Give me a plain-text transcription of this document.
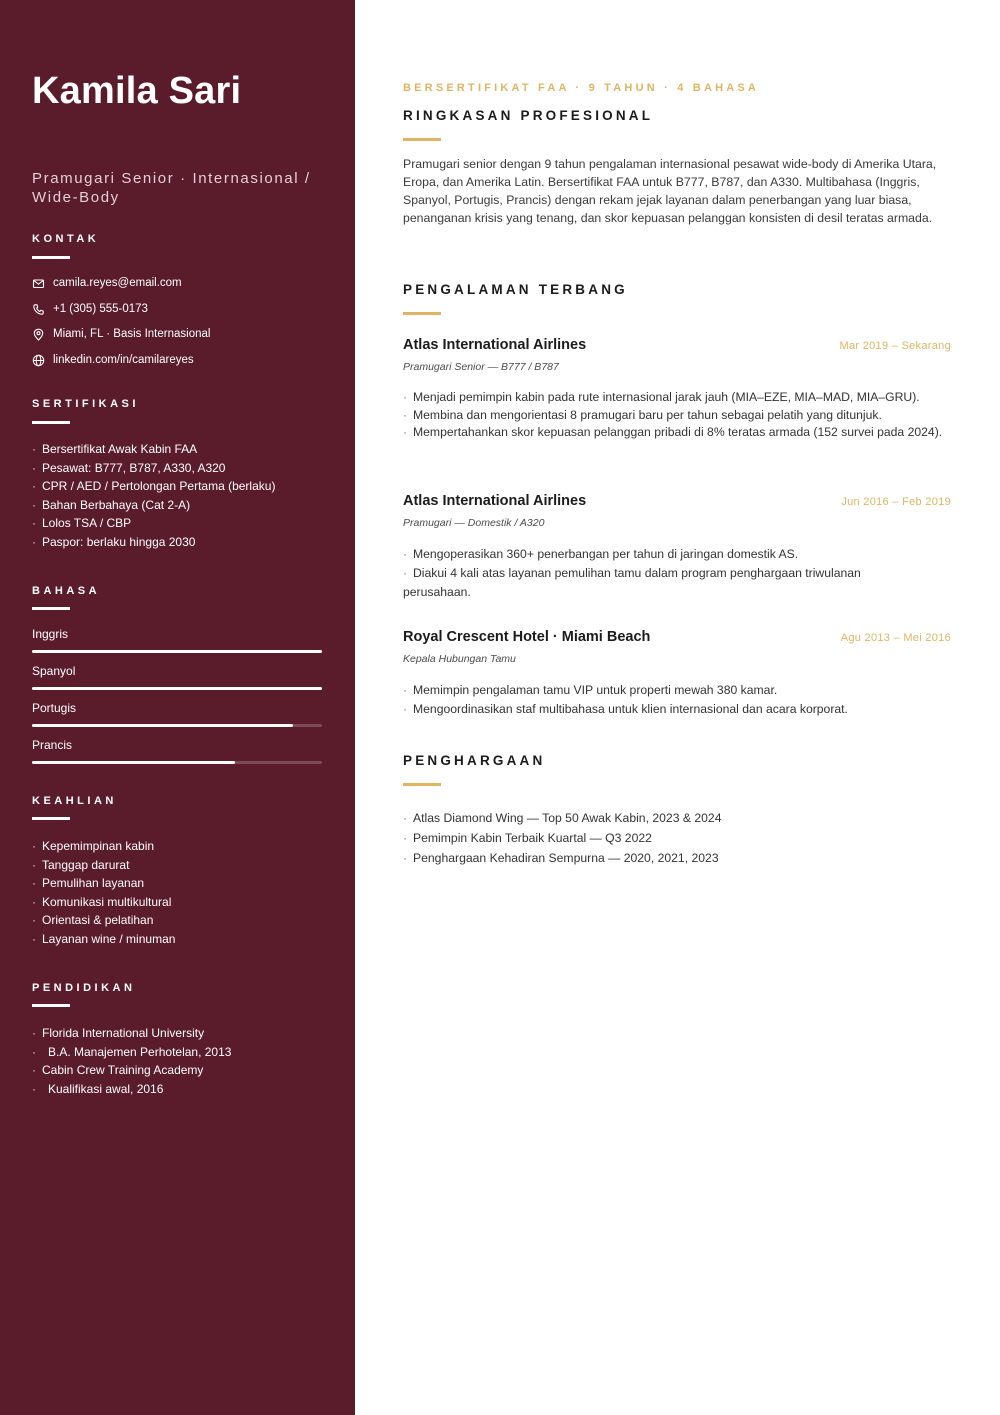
Kamila Sari
Pramugari Senior · Internasional / Wide-Body
KONTAK
camila.reyes@email.com
+1 (305) 555-0173
Miami, FL · Basis Internasional
linkedin.com/in/camilareyes
SERTIFIKASI
· Bersertifikat Awak Kabin FAA
· Pesawat: B777, B787, A330, A320
· CPR / AED / Pertolongan Pertama (berlaku)
· Bahan Berbahaya (Cat 2-A)
· Lolos TSA / CBP
· Paspor: berlaku hingga 2030
BAHASA
Inggris
Spanyol
Portugis
Prancis
KEAHLIAN
· Kepemimpinan kabin
· Tanggap darurat
· Pemulihan layanan
· Komunikasi multikultural
· Orientasi & pelatihan
· Layanan wine / minuman
PENDIDIKAN
· Florida International University
· B.A. Manajemen Perhotelan, 2013
· Cabin Crew Training Academy
· Kualifikasi awal, 2016
BERSERTIFIKAT FAA · 9 TAHUN · 4 BAHASA
RINGKASAN PROFESIONAL

Pramugari senior dengan 9 tahun pengalaman internasional pesawat wide-body di Amerika Utara, Eropa, dan Amerika Latin. Bersertifikat FAA untuk B777, B787, dan A330. Multibahasa (Inggris, Spanyol, Portugis, Prancis) dengan rekam jejak layanan dalam penerbangan yang luar biasa, penanganan krisis yang tenang, dan skor kepuasan pelanggan konsisten di desil teratas armada.

PENGALAMAN TERBANG
Atlas International Airlines	Mar 2019 – Sekarang
Pramugari Senior — B777 / B787
· Menjadi pemimpin kabin pada rute internasional jarak jauh (MIA–EZE, MIA–MAD, MIA–GRU).
· Membina dan mengorientasi 8 pramugari baru per tahun sebagai pelatih yang ditunjuk.
· Mempertahankan skor kepuasan pelanggan pribadi di 8% teratas armada (152 survei pada 2024).
Atlas International Airlines	Jun 2016 – Feb 2019
Pramugari — Domestik / A320
· Mengoperasikan 360+ penerbangan per tahun di jaringan domestik AS.
· Diakui 4 kali atas layanan pemulihan tamu dalam program penghargaan triwulanan perusahaan.
Royal Crescent Hotel · Miami Beach	Agu 2013 – Mei 2016
Kepala Hubungan Tamu
· Memimpin pengalaman tamu VIP untuk properti mewah 380 kamar.
· Mengoordinasikan staf multibahasa untuk klien internasional dan acara korporat.
PENGHARGAAN
· Atlas Diamond Wing — Top 50 Awak Kabin, 2023 & 2024
· Pemimpin Kabin Terbaik Kuartal — Q3 2022
· Penghargaan Kehadiran Sempurna — 2020, 2021, 2023
